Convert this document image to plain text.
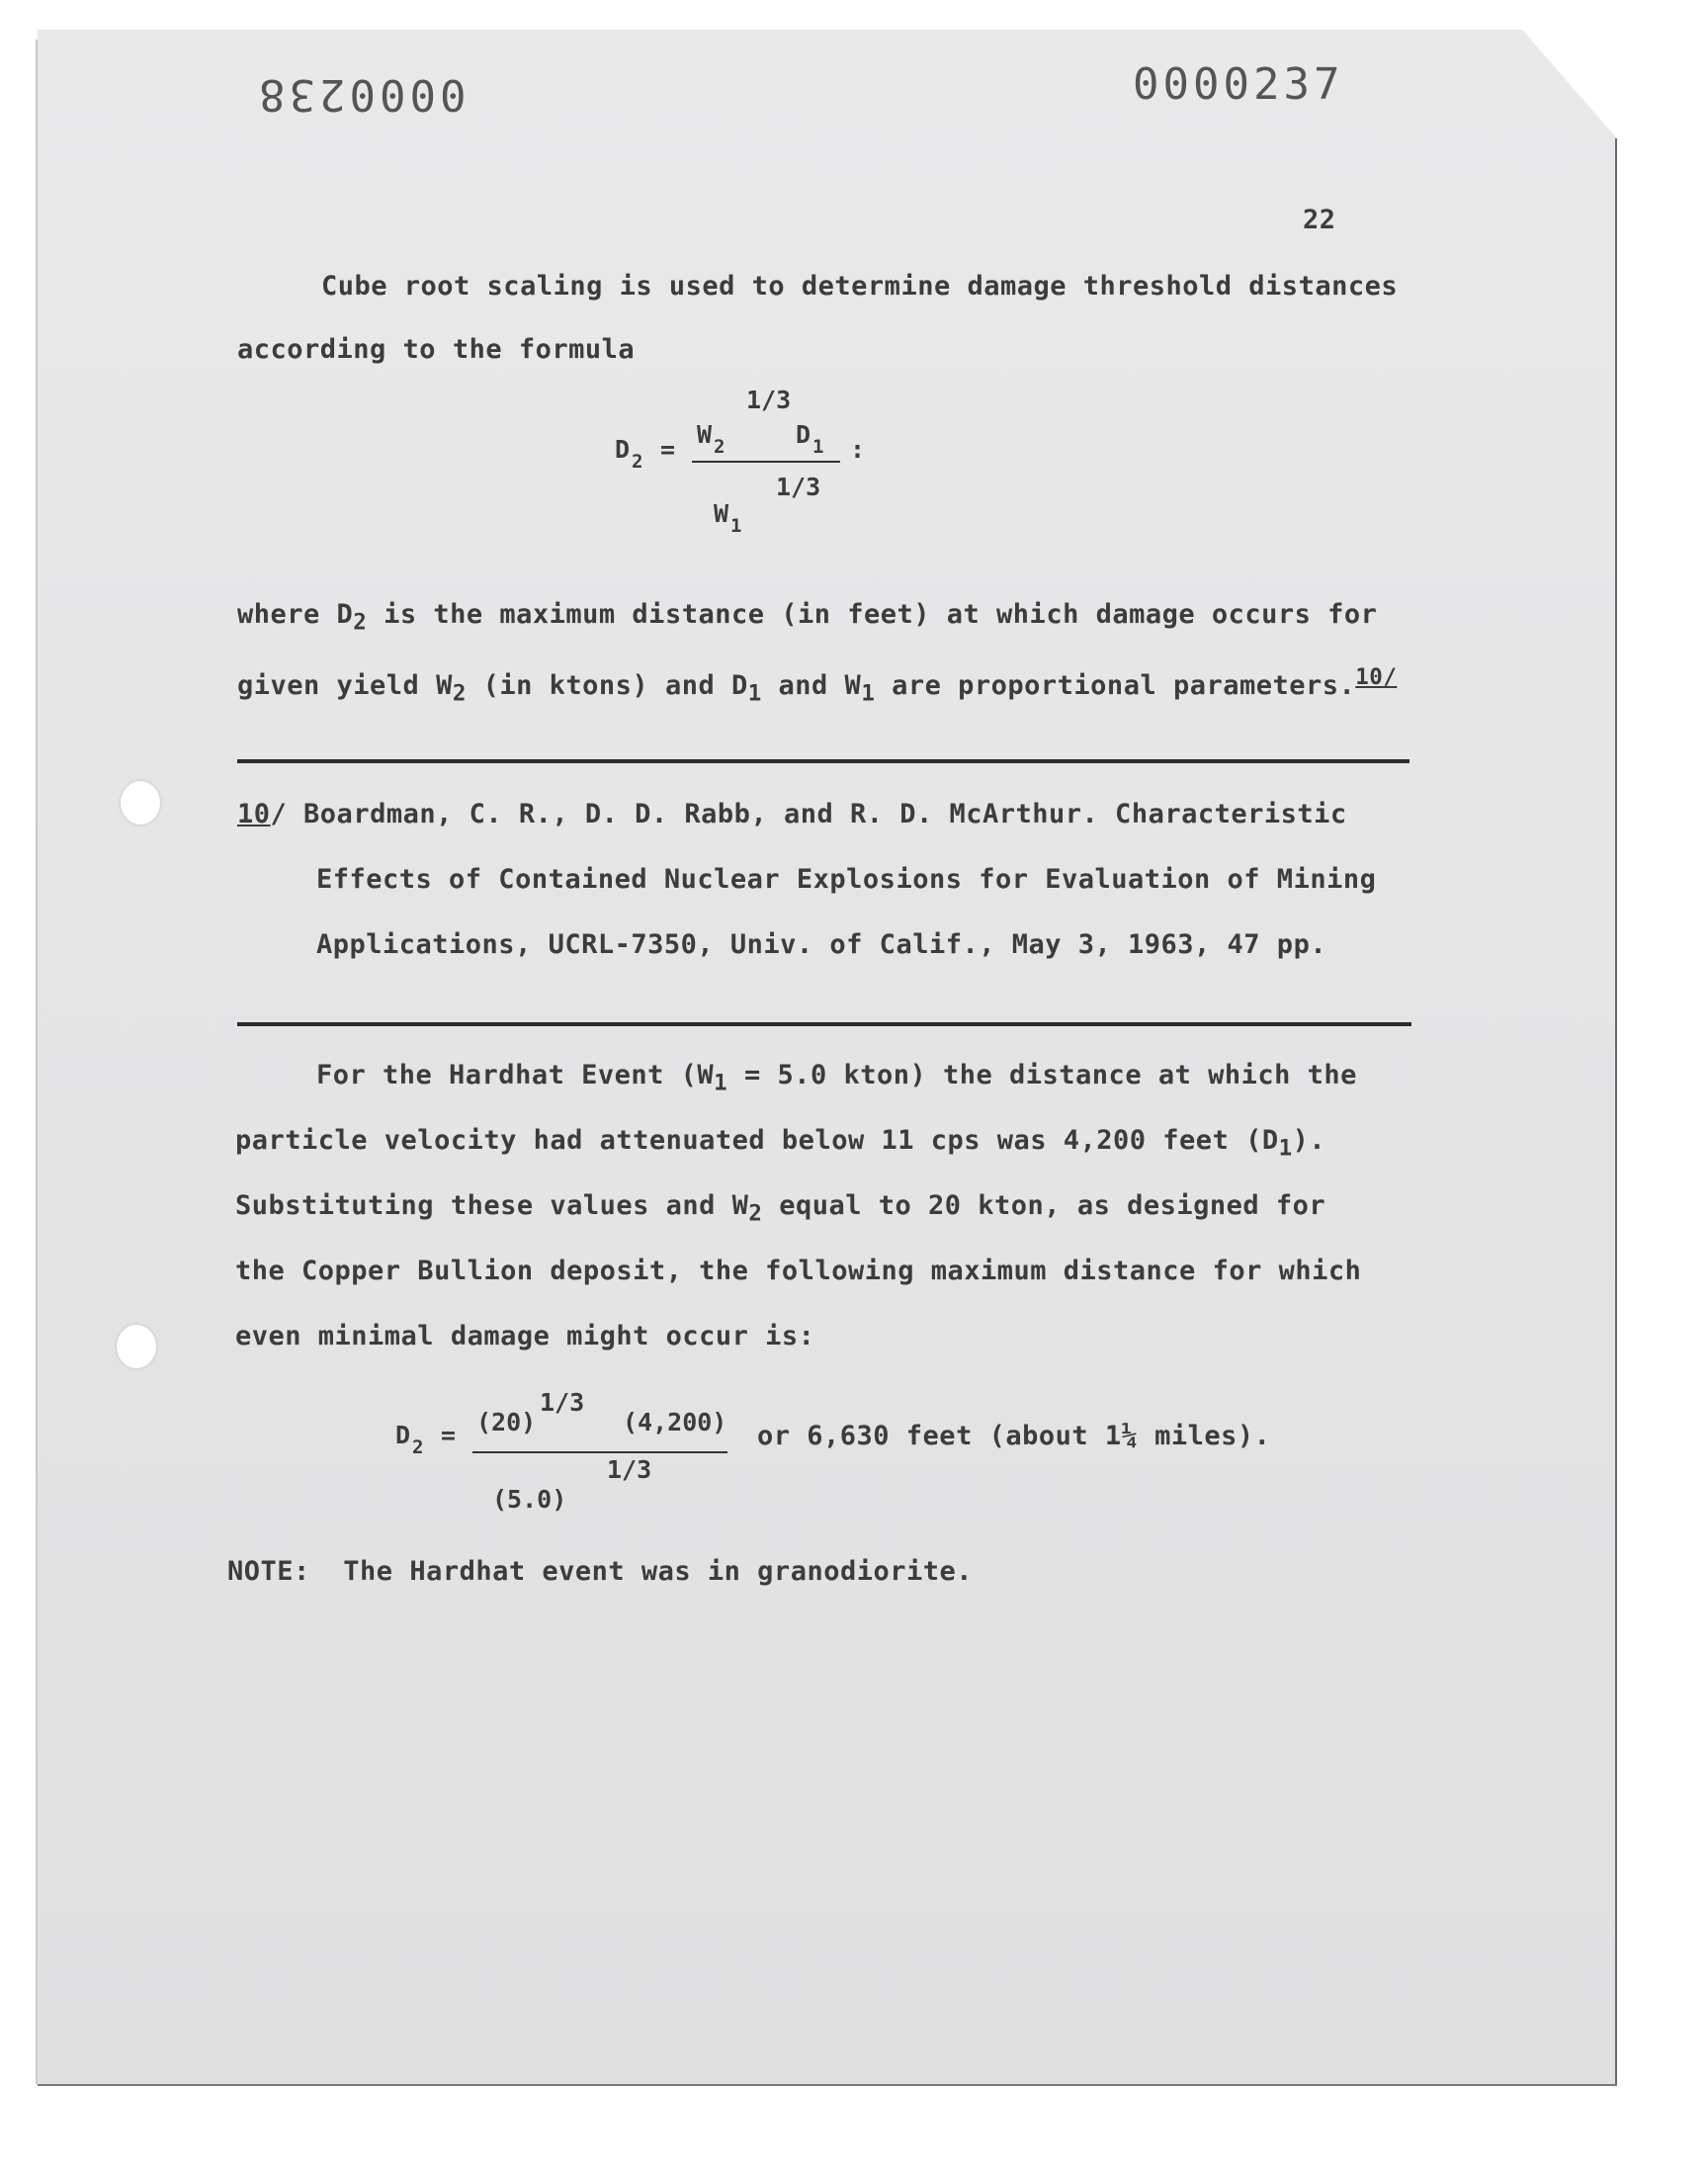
0000238	0000237
22
Cube root scaling is used to determine damage threshold distances
according to the formula
D 2 =
W 2
1/3
D 1 :
1/3
W 1
where $D_2$ is the maximum distance (in feet) at which damage occurs for
given yield $W_2$ (in ktons) and $D_1$ and $W_1$ are proportional parameters.$^{10/}$
10/ Boardman, C. R., D. D. Rabb, and R. D. McArthur. Characteristic
Effects of Contained Nuclear Explosions for Evaluation of Mining
Applications, UCRL-7350, Univ. of Calif., May 3, 1963, 47 pp.
For the Hardhat Event ($W_1 = 5.0$ kton) the distance at which the
particle velocity had attenuated below 11 cps was 4,200 feet $(D_1)$.
Substituting these values and $W_2$ equal to 20 kton, as designed for
the Copper Bullion deposit, the following maximum distance for which
even minimal damage might occur is:
D 2 = (20)
1/3
(4,200)
1/3
(5.0)
or 6,630 feet (about 1¼ miles).
NOTE: The Hardhat event was in granodiorite.
